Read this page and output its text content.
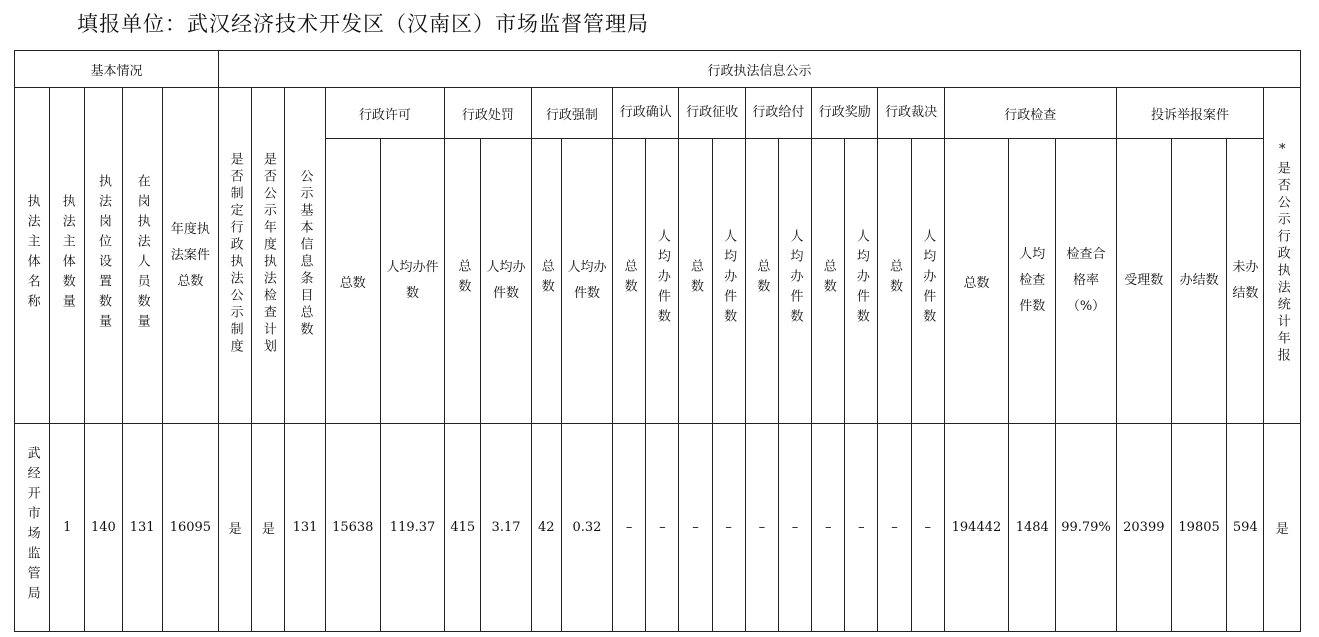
填报单位：武汉经济技术开发区（汉南区）市场监督管理局
基本情况					行政执法信息公示																									
执法主体名称	执法主体数量	执法岗位设置数量	在岗执法人员数量	年度执法案件总数	是否制定行政执法公示制度	是否公示年度执法检查计划	公示基本信息条目总数	行政许可		行政处罚		行政强制		行政确认		行政征收		行政给付		行政奖励		行政裁决		行政检查			投诉举报案件			*是否公示行政执法统计年报
								总数	人均办件数	总数	人均办件数	总数	人均办件数	总数	人均办件数	总数	人均办件数	总数	人均办件数	总数	人均办件数	总数	人均办件数	总数	人均检查件数	检查合格率（%）	受理数	办结数	未办结数	

武经开市场监管局	1	140	131	16095	是	是	131	15638	119.37	415	3.17	42	0.32	–	–	–	–	–	–	–	–	–	–	194442	1484	99.79%	20399	19805	594	是
